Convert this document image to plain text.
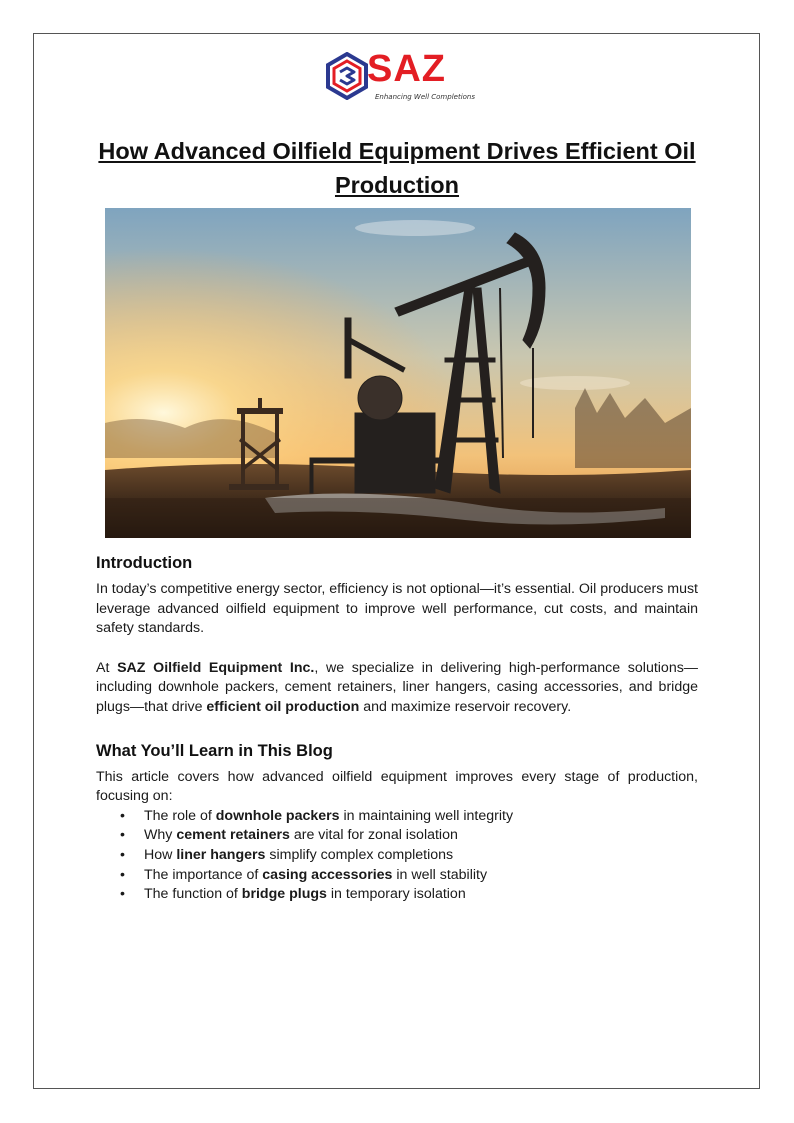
SAZ
Enhancing Well Completions
How Advanced Oilfield Equipment Drives Efficient Oil Production
Introduction

In today’s competitive energy sector, efficiency is not optional—it’s essential. Oil producers must leverage advanced oilfield equipment to improve well performance, cut costs, and maintain safety standards.

At SAZ Oilfield Equipment Inc., we specialize in delivering high-performance solutions—including downhole packers, cement retainers, liner hangers, casing accessories, and bridge plugs—that drive efficient oil production and maximize reservoir recovery.

What You’ll Learn in This Blog

This article covers how advanced oilfield equipment improves every stage of production, focusing on:

• The role of downhole packers in maintaining well integrity
• Why cement retainers are vital for zonal isolation
• How liner hangers simplify complex completions
• The importance of casing accessories in well stability
• The function of bridge plugs in temporary isolation
